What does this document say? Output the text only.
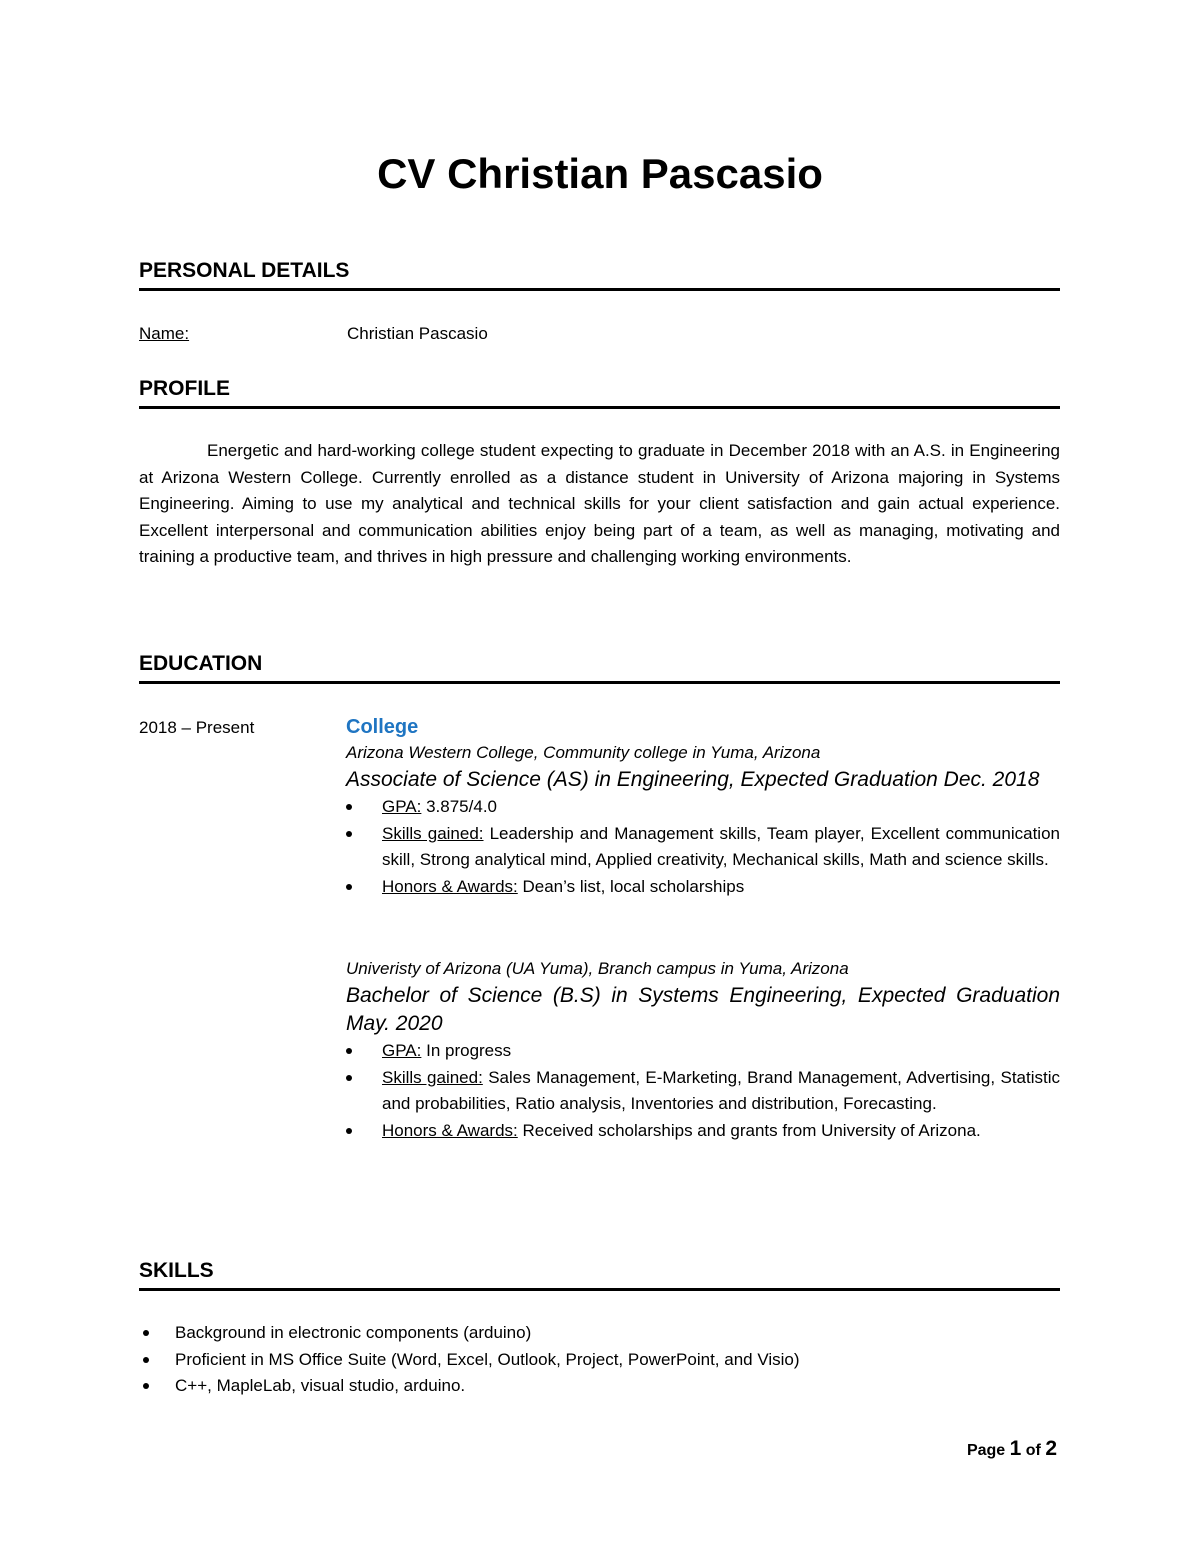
CV Christian Pascasio
PERSONAL DETAILS
Name:	Christian Pascasio
PROFILE

Energetic and hard-working college student expecting to graduate in December 2018 with an A.S. in Engineering at Arizona Western College. Currently enrolled as a distance student in University of Arizona majoring in Systems Engineering. Aiming to use my analytical and technical skills for your client satisfaction and gain actual experience. Excellent interpersonal and communication abilities enjoy being part of a team, as well as managing, motivating and training a productive team, and thrives in high pressure and challenging working environments.

EDUCATION
2018 – Present	College
Arizona Western College, Community college in Yuma, Arizona
Associate of Science (AS) in Engineering, Expected Graduation Dec. 2018
GPA: 3.875/4.0
Skills gained: Leadership and Management skills, Team player, Excellent communication skill, Strong analytical mind, Applied creativity, Mechanical skills, Math and science skills.
Honors & Awards: Dean’s list, local scholarships
Univeristy of Arizona (UA Yuma), Branch campus in Yuma, Arizona
Bachelor of Science (B.S) in Systems Engineering, Expected Graduation May. 2020
GPA: In progress
Skills gained: Sales Management, E-Marketing, Brand Management, Advertising, Statistic and probabilities, Ratio analysis, Inventories and distribution, Forecasting.
Honors & Awards: Received scholarships and grants from University of Arizona.
SKILLS
Background in electronic components (arduino)
Proficient in MS Office Suite (Word, Excel, Outlook, Project, PowerPoint, and Visio)
C++, MapleLab, visual studio, arduino.
Page 1 of 2
